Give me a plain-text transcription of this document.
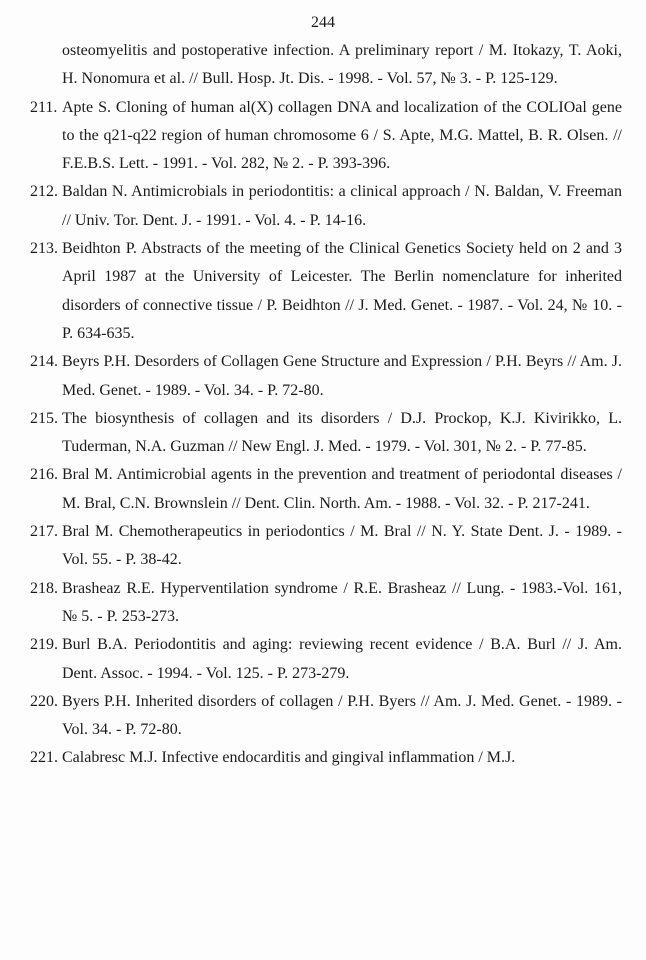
244
osteomyelitis and postoperative infection. A preliminary report / M. Itokazy, T. Aoki, H. Nonomura et al. // Bull. Hosp. Jt. Dis. - 1998. - Vol. 57, № 3. - P. 125-129.
211. Apte S. Cloning of human al(X) collagen DNA and localization of the COLIOal gene to the q21-q22 region of human chromosome 6 / S. Apte, M.G. Mattel, B. R. Olsen. // F.E.B.S. Lett. - 1991. - Vol. 282, № 2. - P. 393-396.
212. Baldan N. Antimicrobials in periodontitis: a clinical approach / N. Baldan, V. Freeman // Univ. Tor. Dent. J. - 1991. - Vol. 4. - P. 14-16.
213. Beidhton P. Abstracts of the meeting of the Clinical Genetics Society held on 2 and 3 April 1987 at the University of Leicester. The Berlin nomenclature for inherited disorders of connective tissue / P. Beidhton // J. Med. Genet. - 1987. - Vol. 24, № 10. - P. 634-635.
214. Beyrs P.H. Desorders of Collagen Gene Structure and Expression / P.H. Beyrs // Am. J. Med. Genet. - 1989. - Vol. 34. - P. 72-80.
215. The biosynthesis of collagen and its disorders / D.J. Prockop, K.J. Kivirikko, L. Tuderman, N.A. Guzman // New Engl. J. Med. - 1979. - Vol. 301, № 2. - P. 77-85.
216. Bral M. Antimicrobial agents in the prevention and treatment of periodontal diseases / M. Bral, C.N. Brownslein // Dent. Clin. North. Am. - 1988. - Vol. 32. - P. 217-241.
217. Bral M. Chemotherapeutics in periodontics / M. Bral // N. Y. State Dent. J. - 1989. - Vol. 55. - P. 38-42.
218. Brasheaz R.E. Hyperventilation syndrome / R.E. Brasheaz // Lung. - 1983.-Vol. 161, № 5. - P. 253-273.
219. Burl B.A. Periodontitis and aging: reviewing recent evidence / B.A. Burl // J. Am. Dent. Assoc. - 1994. - Vol. 125. - P. 273-279.
220. Byers P.H. Inherited disorders of collagen / P.H. Byers // Am. J. Med. Genet. - 1989. - Vol. 34. - P. 72-80.
221. Calabresc M.J. Infective endocarditis and gingival inflammation / M.J.
